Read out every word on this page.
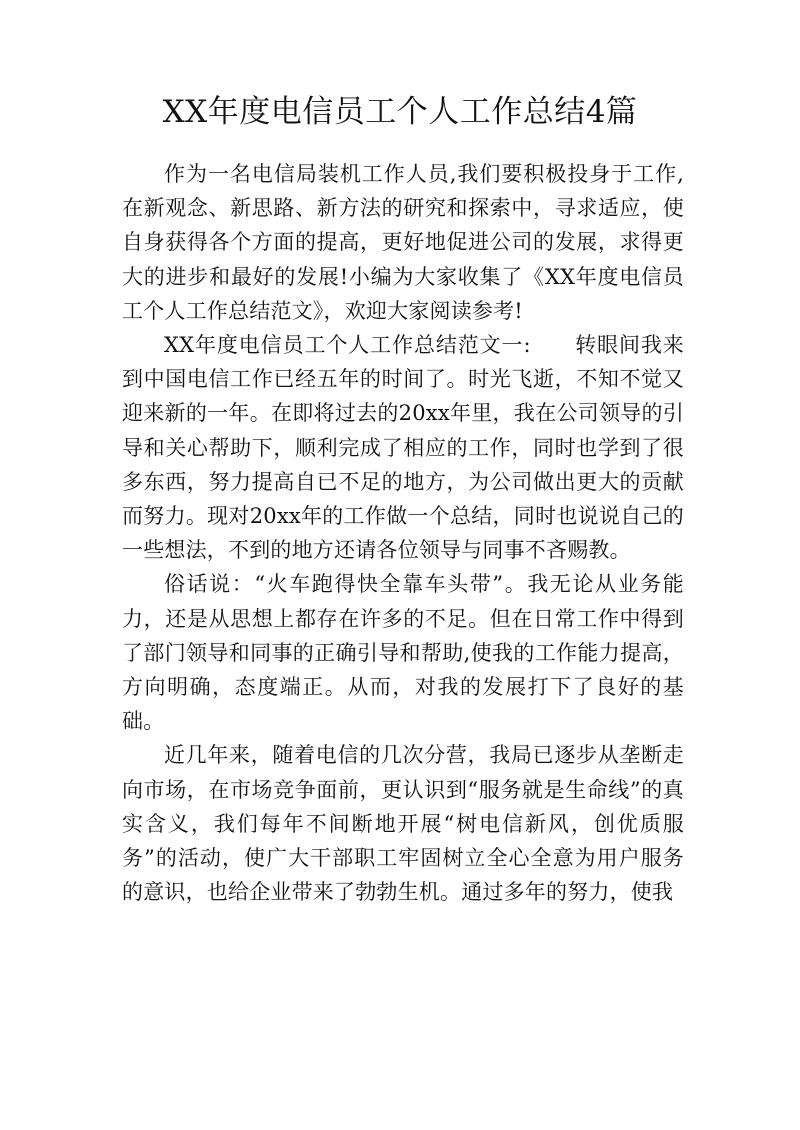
XX年度电信员工个人工作总结4篇

作为一名电信局装机工作人员,我们要积极投身于工作,在新观念、新思路、新方法的研究和探索中，寻求适应，使自身获得各个方面的提高，更好地促进公司的发展，求得更大的进步和最好的发展!小编为大家收集了《XX年度电信员工个人工作总结范文》，欢迎大家阅读参考!

XX年度电信员工个人工作总结范文一:　　转眼间我来到中国电信工作已经五年的时间了。时光飞逝，不知不觉又迎来新的一年。在即将过去的20xx年里，我在公司领导的引导和关心帮助下，顺利完成了相应的工作，同时也学到了很多东西，努力提高自已不足的地方，为公司做出更大的贡献而努力。现对20xx年的工作做一个总结，同时也说说自己的一些想法，不到的地方还请各位领导与同事不吝赐教。

俗话说：“火车跑得快全靠车头带”。我无论从业务能力，还是从思想上都存在许多的不足。但在日常工作中得到了部门领导和同事的正确引导和帮助,使我的工作能力提高，方向明确，态度端正。从而，对我的发展打下了良好的基础。

近几年来，随着电信的几次分营，我局已逐步从垄断走向市场，在市场竞争面前，更认识到“服务就是生命线”的真实含义，我们每年不间断地开展“树电信新风，创优质服务”的活动，使广大干部职工牢固树立全心全意为用户服务的意识，也给企业带来了勃勃生机。通过多年的努力，使我
